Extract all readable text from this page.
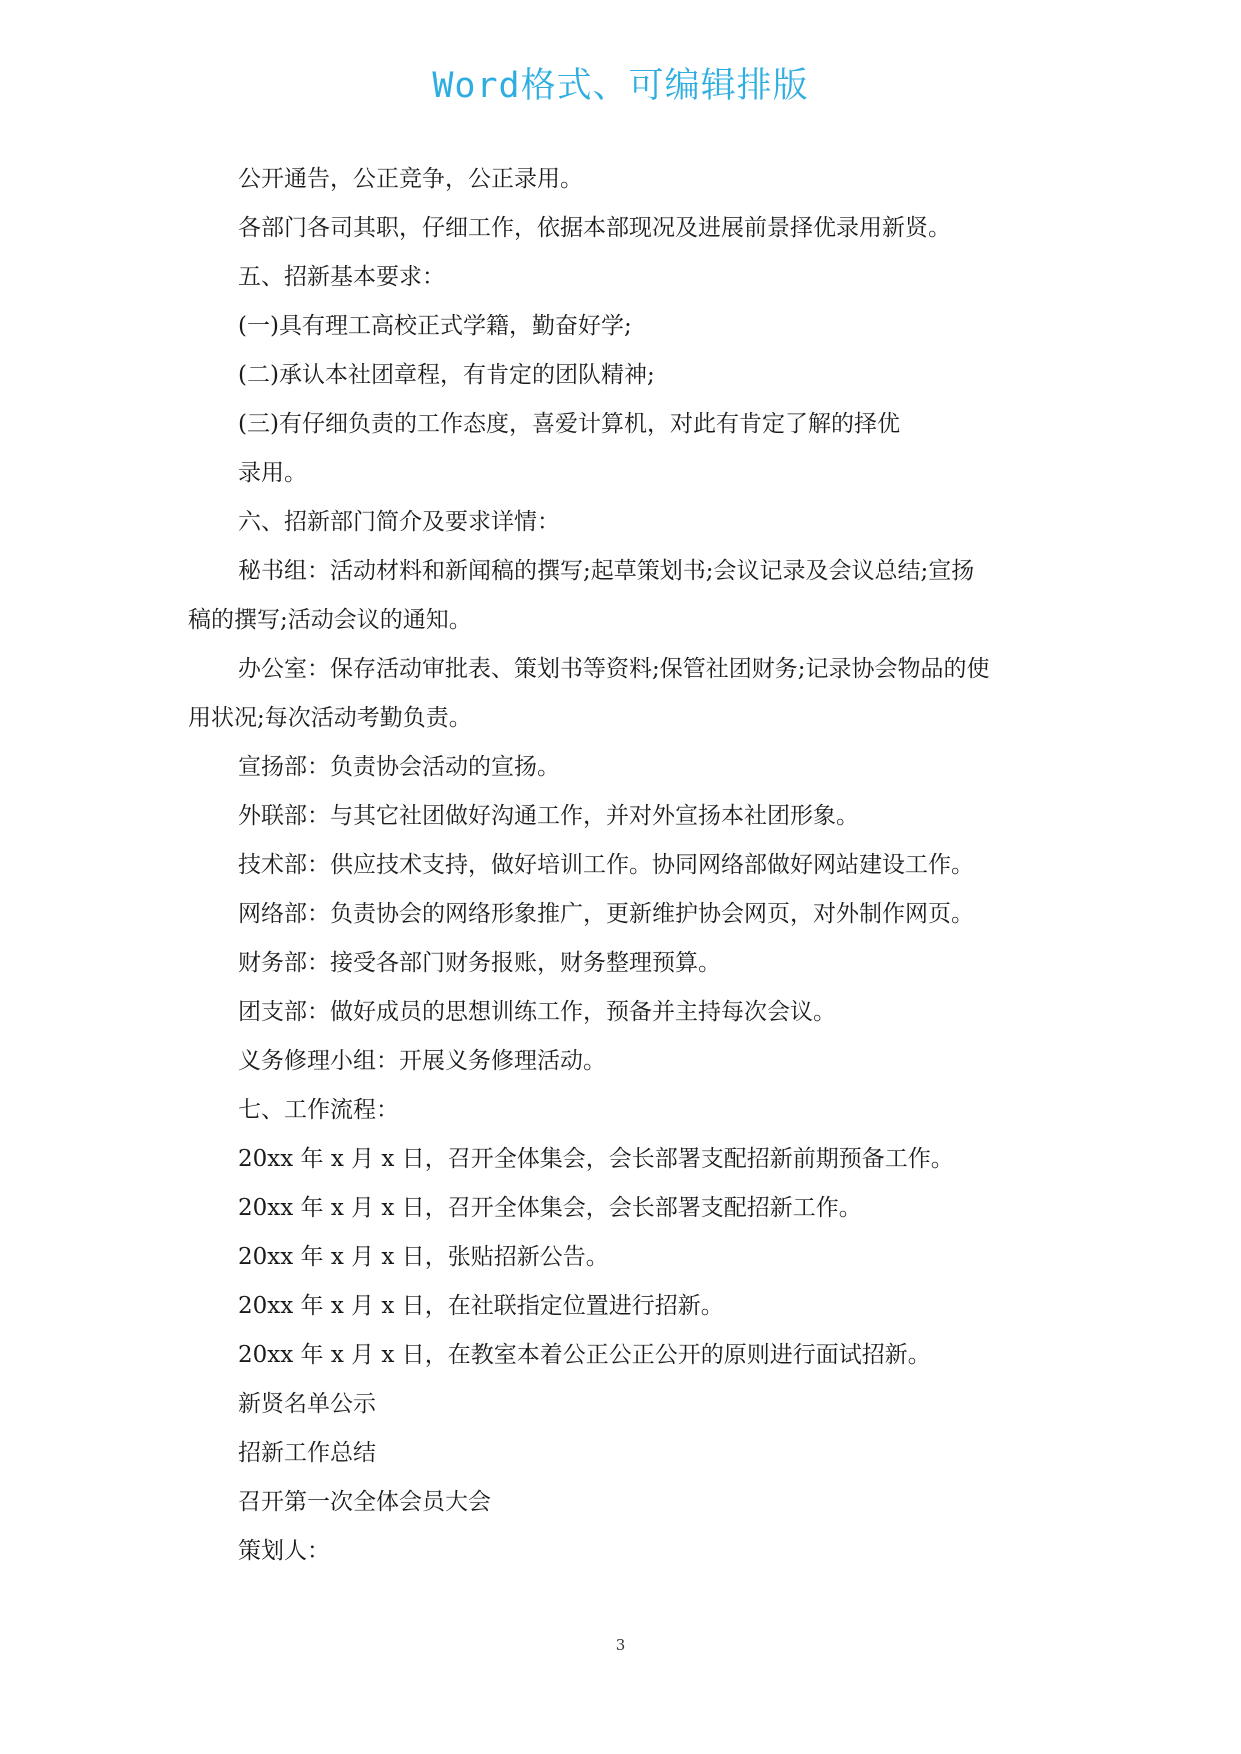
Word格式、可编辑排版
公开通告，公正竞争，公正录用。
各部门各司其职，仔细工作，依据本部现况及进展前景择优录用新贤。
五、招新基本要求：
(一)具有理工高校正式学籍，勤奋好学;
(二)承认本社团章程，有肯定的团队精神;
(三)有仔细负责的工作态度，喜爱计算机，对此有肯定了解的择优
录用。
六、招新部门简介及要求详情：
秘书组：活动材料和新闻稿的撰写;起草策划书;会议记录及会议总结;宣扬
稿的撰写;活动会议的通知。
办公室：保存活动审批表、策划书等资料;保管社团财务;记录协会物品的使
用状况;每次活动考勤负责。
宣扬部：负责协会活动的宣扬。
外联部：与其它社团做好沟通工作，并对外宣扬本社团形象。
技术部：供应技术支持，做好培训工作。协同网络部做好网站建设工作。
网络部：负责协会的网络形象推广，更新维护协会网页，对外制作网页。
财务部：接受各部门财务报账，财务整理预算。
团支部：做好成员的思想训练工作，预备并主持每次会议。
义务修理小组：开展义务修理活动。
七、工作流程：
20xx 年 x 月 x 日，召开全体集会，会长部署支配招新前期预备工作。
20xx 年 x 月 x 日，召开全体集会，会长部署支配招新工作。
20xx 年 x 月 x 日，张贴招新公告。
20xx 年 x 月 x 日，在社联指定位置进行招新。
20xx 年 x 月 x 日，在教室本着公正公正公开的原则进行面试招新。
新贤名单公示
招新工作总结
召开第一次全体会员大会
策划人：
3
